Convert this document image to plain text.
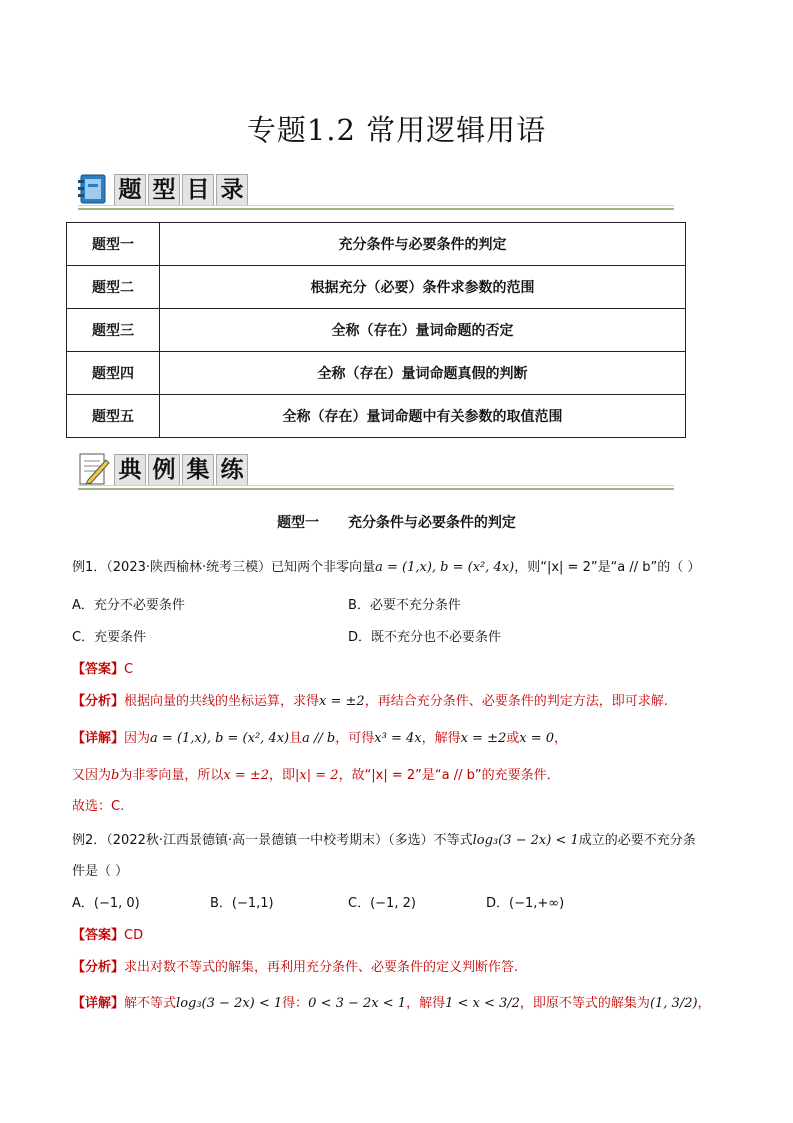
专题1.2 常用逻辑用语
题 型 目 录
题型一	充分条件与必要条件的判定
题型二	根据充分（必要）条件求参数的范围
题型三	全称（存在）量词命题的否定
题型四	全称（存在）量词命题真假的判断
题型五	全称（存在）量词命题中有关参数的取值范围
典 例 集 练
题型一 充分条件与必要条件的判定
例1．（2023·陕西榆林·统考三模）已知两个非零向量a = (1,x), b = (x², 4x)，则“|x| = 2”是“a // b”的（ ）
A．充分不必要条件	B．必要不充分条件
C．充要条件	D．既不充分也不必要条件
【答案】C
【分析】根据向量的共线的坐标运算，求得x = ±2，再结合充分条件、必要条件的判定方法，即可求解.
【详解】因为a = (1,x), b = (x², 4x)且a // b，可得x³ = 4x，解得x = ±2或x = 0，
又因为b为非零向量，所以x = ±2，即|x| = 2，故“|x| = 2”是“a // b”的充要条件．
故选：C.
例2．（2022秋·江西景德镇·高一景德镇一中校考期末）（多选）不等式log₃(3 − 2x) < 1成立的必要不充分条
件是（ ）
A．(−1, 0)	B．(−1,1)	C．(−1, 2)	D．(−1,+∞)
【答案】CD
【分析】求出对数不等式的解集，再利用充分条件、必要条件的定义判断作答.
【详解】解不等式log₃(3 − 2x) < 1得：0 < 3 − 2x < 1，解得1 < x < 3/2，即原不等式的解集为(1, 3/2)，
